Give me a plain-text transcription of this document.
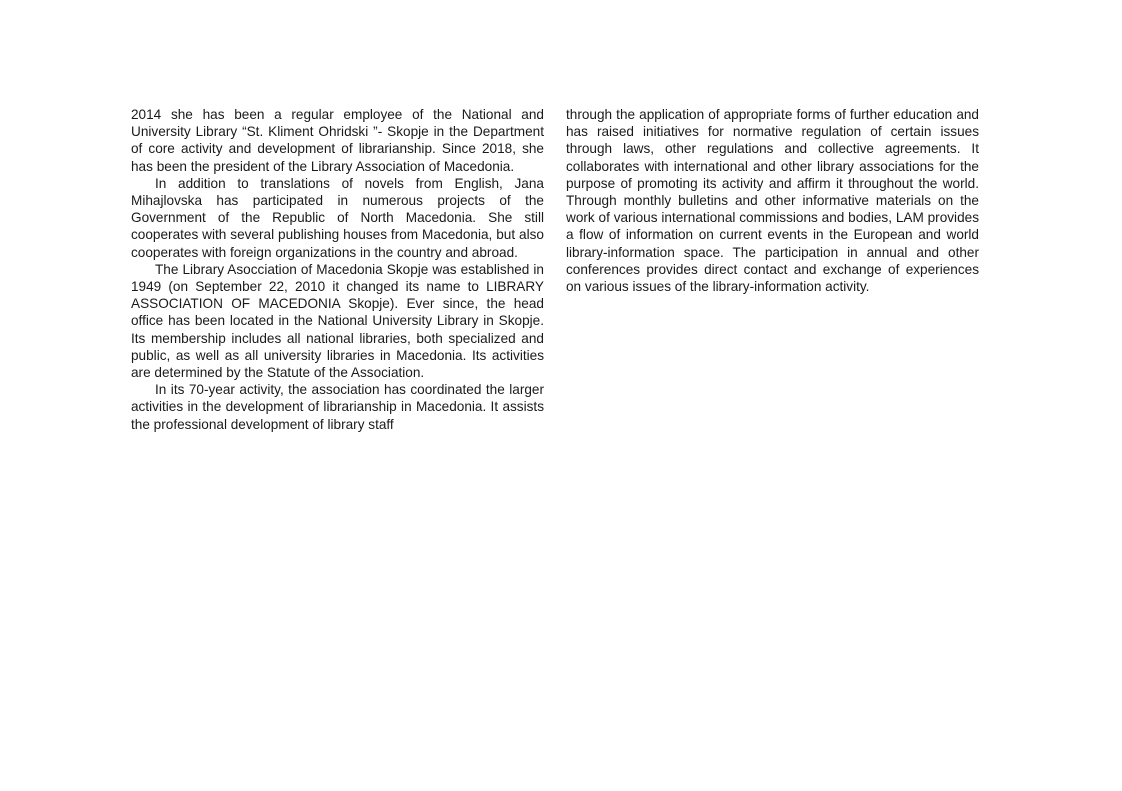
2014 she has been a regular employee of the National and University Library “St. Kliment Ohridski ”- Skopje in the Department of core activity and development of librarianship. Since 2018, she has been the president of the Library Association of Macedonia.

In addition to translations of novels from English, Jana Mihajlovska has participated in numerous projects of the Government of the Republic of North Macedonia. She still cooperates with several publishing houses from Macedonia, but also cooperates with foreign organizations in the country and abroad.

The Library Asocciation of Macedonia Skopje was established in 1949 (on September 22, 2010 it changed its name to LIBRARY ASSOCIATION OF MACEDONIA Skopje). Ever since, the head office has been located in the National University Library in Skopje. Its membership includes all national libraries, both specialized and public, as well as all university libraries in Macedonia. Its activities are determined by the Statute of the Association.

In its 70-year activity, the association has coordinated the larger activities in the development of librarianship in Macedonia. It assists the professional development of library staff

through the application of appropriate forms of further education and has raised initiatives for normative regulation of certain issues through laws, other regulations and collective agreements. It collaborates with international and other library associations for the purpose of promoting its activity and affirm it throughout the world. Through monthly bulletins and other informative materials on the work of various international commissions and bodies, LAM provides a flow of information on current events in the European and world library-information space. The participation in annual and other conferences provides direct contact and exchange of experiences on various issues of the library-information activity.
